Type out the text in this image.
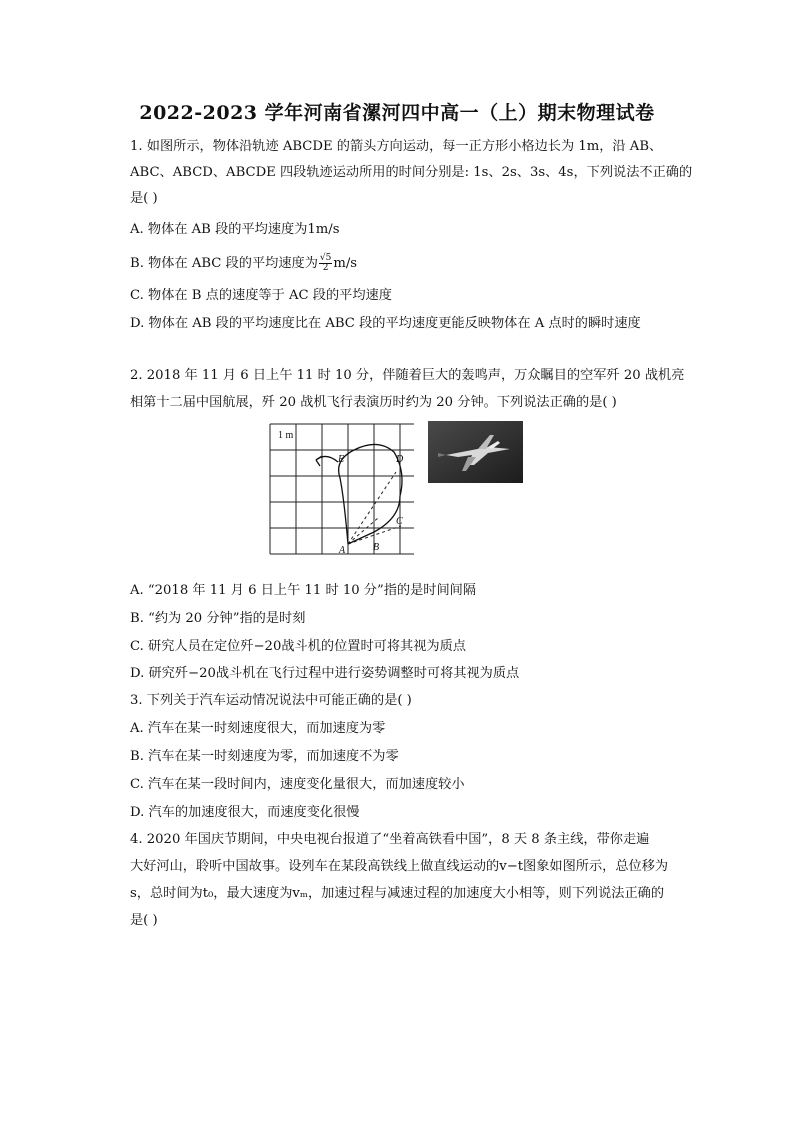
2022-2023 学年河南省漯河四中高一（上）期末物理试卷
1. 如图所示，物体沿轨迹 ABCDE 的箭头方向运动，每一正方形小格边长为 1m，沿 AB、
ABC、ABCD、ABCDE 四段轨迹运动所用的时间分别是: 1s、2s、3s、4s，下列说法不正确的
是( )
A. 物体在 AB 段的平均速度为1m/s
B. 物体在 ABC 段的平均速度为 $\frac{√5}{2} m/s$
C. 物体在 B 点的速度等于 AC 段的平均速度
D. 物体在 AB 段的平均速度比在 ABC 段的平均速度更能反映物体在 A 点时的瞬时速度
2. 2018 年 11 月 6 日上午 11 时 10 分，伴随着巨大的轰鸣声，万众瞩目的空军歼 20 战机亮
相第十二届中国航展，歼 20 战机飞行表演历时约为 20 分钟。下列说法正确的是( )
1 m
A	B
C
D
E
A. “2018 年 11 月 6 日上午 11 时 10 分”指的是时间间隔
B. “约为 20 分钟”指的是时刻
C. 研究人员在定位歼−20战斗机的位置时可将其视为质点
D. 研究歼−20战斗机在飞行过程中进行姿势调整时可将其视为质点
3. 下列关于汽车运动情况说法中可能正确的是( )
A. 汽车在某一时刻速度很大，而加速度为零
B. 汽车在某一时刻速度为零，而加速度不为零
C. 汽车在某一段时间内，速度变化量很大，而加速度较小
D. 汽车的加速度很大，而速度变化很慢
4. 2020 年国庆节期间，中央电视台报道了“坐着高铁看中国”，8 天 8 条主线，带你走遍
大好河山，聆听中国故事。设列车在某段高铁线上做直线运动的v−t图象如图所示，总位移为
s，总时间为t₀，最大速度为vₘ，加速过程与减速过程的加速度大小相等，则下列说法正确的
是( )
